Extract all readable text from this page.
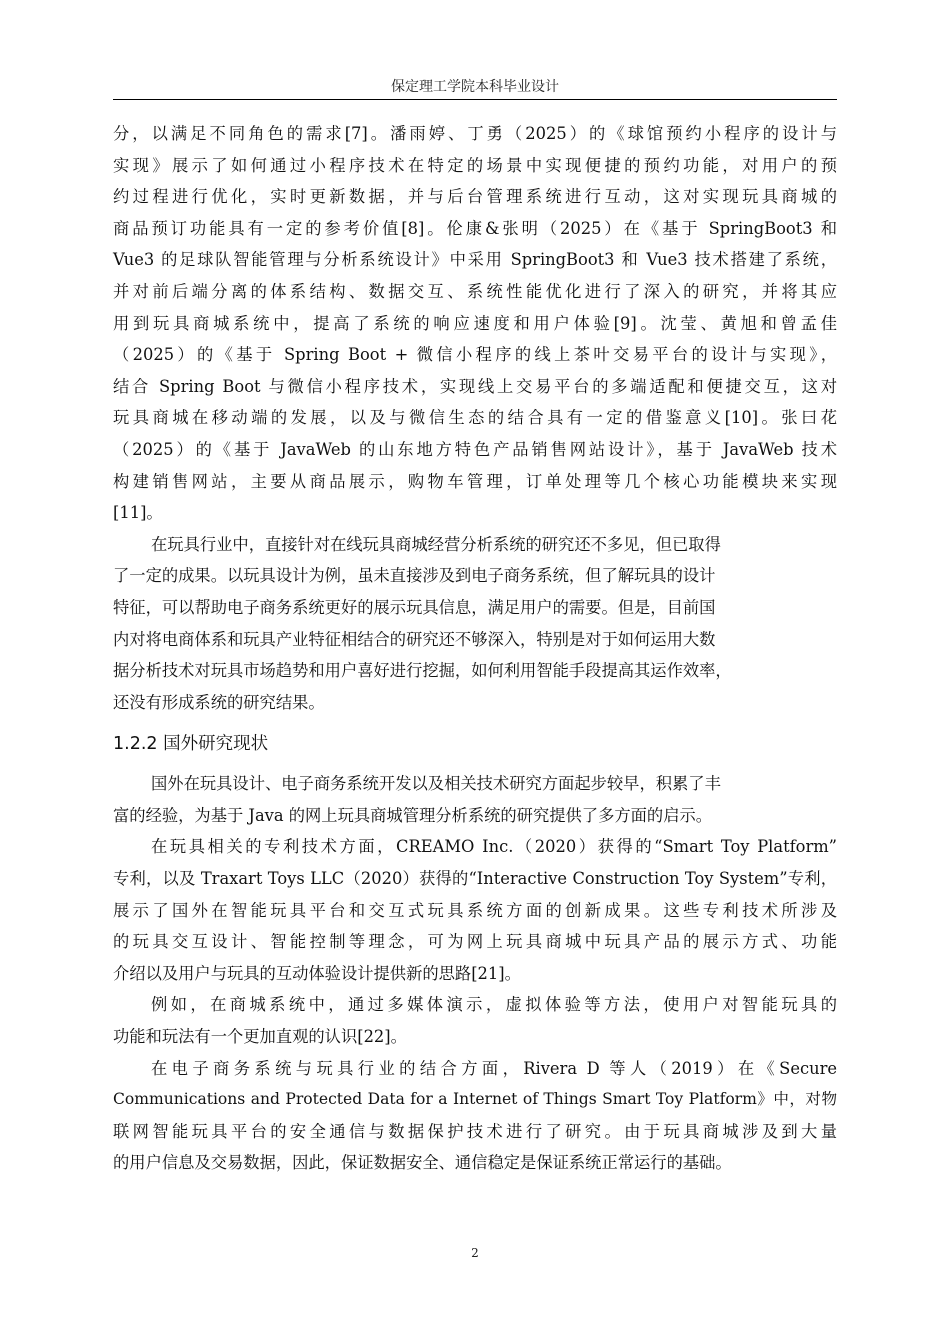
保定理工学院本科毕业设计
分，以满足不同角色的需求[7]。潘雨婷、丁勇（2025）的《球馆预约小程序的设计与
实现》展示了如何通过小程序技术在特定的场景中实现便捷的预约功能，对用户的预
约过程进行优化，实时更新数据，并与后台管理系统进行互动，这对实现玩具商城的
商品预订功能具有一定的参考价值[8]。伦康&张明（2025）在《基于 SpringBoot3 和
Vue3 的足球队智能管理与分析系统设计》中采用 SpringBoot3 和 Vue3 技术搭建了系统，
并对前后端分离的体系结构、数据交互、系统性能优化进行了深入的研究，并将其应
用到玩具商城系统中，提高了系统的响应速度和用户体验[9]。沈莹、黄旭和曾孟佳
（2025）的《基于 Spring Boot + 微信小程序的线上茶叶交易平台的设计与实现》，
结合 Spring Boot 与微信小程序技术，实现线上交易平台的多端适配和便捷交互，这对
玩具商城在移动端的发展，以及与微信生态的结合具有一定的借鉴意义[10]。张曰花
（2025）的《基于 JavaWeb 的山东地方特色产品销售网站设计》，基于 JavaWeb 技术
构建销售网站，主要从商品展示，购物车管理，订单处理等几个核心功能模块来实现
[11]。
在玩具行业中，直接针对在线玩具商城经营分析系统的研究还不多见，但已取得
了一定的成果。以玩具设计为例，虽未直接涉及到电子商务系统，但了解玩具的设计
特征，可以帮助电子商务系统更好的展示玩具信息，满足用户的需要。但是，目前国
内对将电商体系和玩具产业特征相结合的研究还不够深入，特别是对于如何运用大数
据分析技术对玩具市场趋势和用户喜好进行挖掘，如何利用智能手段提高其运作效率，
还没有形成系统的研究结果。
1.2.2 国外研究现状
国外在玩具设计、电子商务系统开发以及相关技术研究方面起步较早，积累了丰
富的经验，为基于 Java 的网上玩具商城管理分析系统的研究提供了多方面的启示。
在玩具相关的专利技术方面，CREAMO Inc.（2020）获得的“Smart Toy Platform”
专利，以及 Traxart Toys LLC（2020）获得的“Interactive Construction Toy System”专利，
展示了国外在智能玩具平台和交互式玩具系统方面的创新成果。这些专利技术所涉及
的玩具交互设计、智能控制等理念，可为网上玩具商城中玩具产品的展示方式、功能
介绍以及用户与玩具的互动体验设计提供新的思路[21]。
例如，在商城系统中，通过多媒体演示，虚拟体验等方法，使用户对智能玩具的
功能和玩法有一个更加直观的认识[22]。
在电子商务系统与玩具行业的结合方面，Rivera D 等人（2019）在《Secure
Communications and Protected Data for a Internet of Things Smart Toy Platform》中，对物
联网智能玩具平台的安全通信与数据保护技术进行了研究。由于玩具商城涉及到大量
的用户信息及交易数据，因此，保证数据安全、通信稳定是保证系统正常运行的基础。
2
